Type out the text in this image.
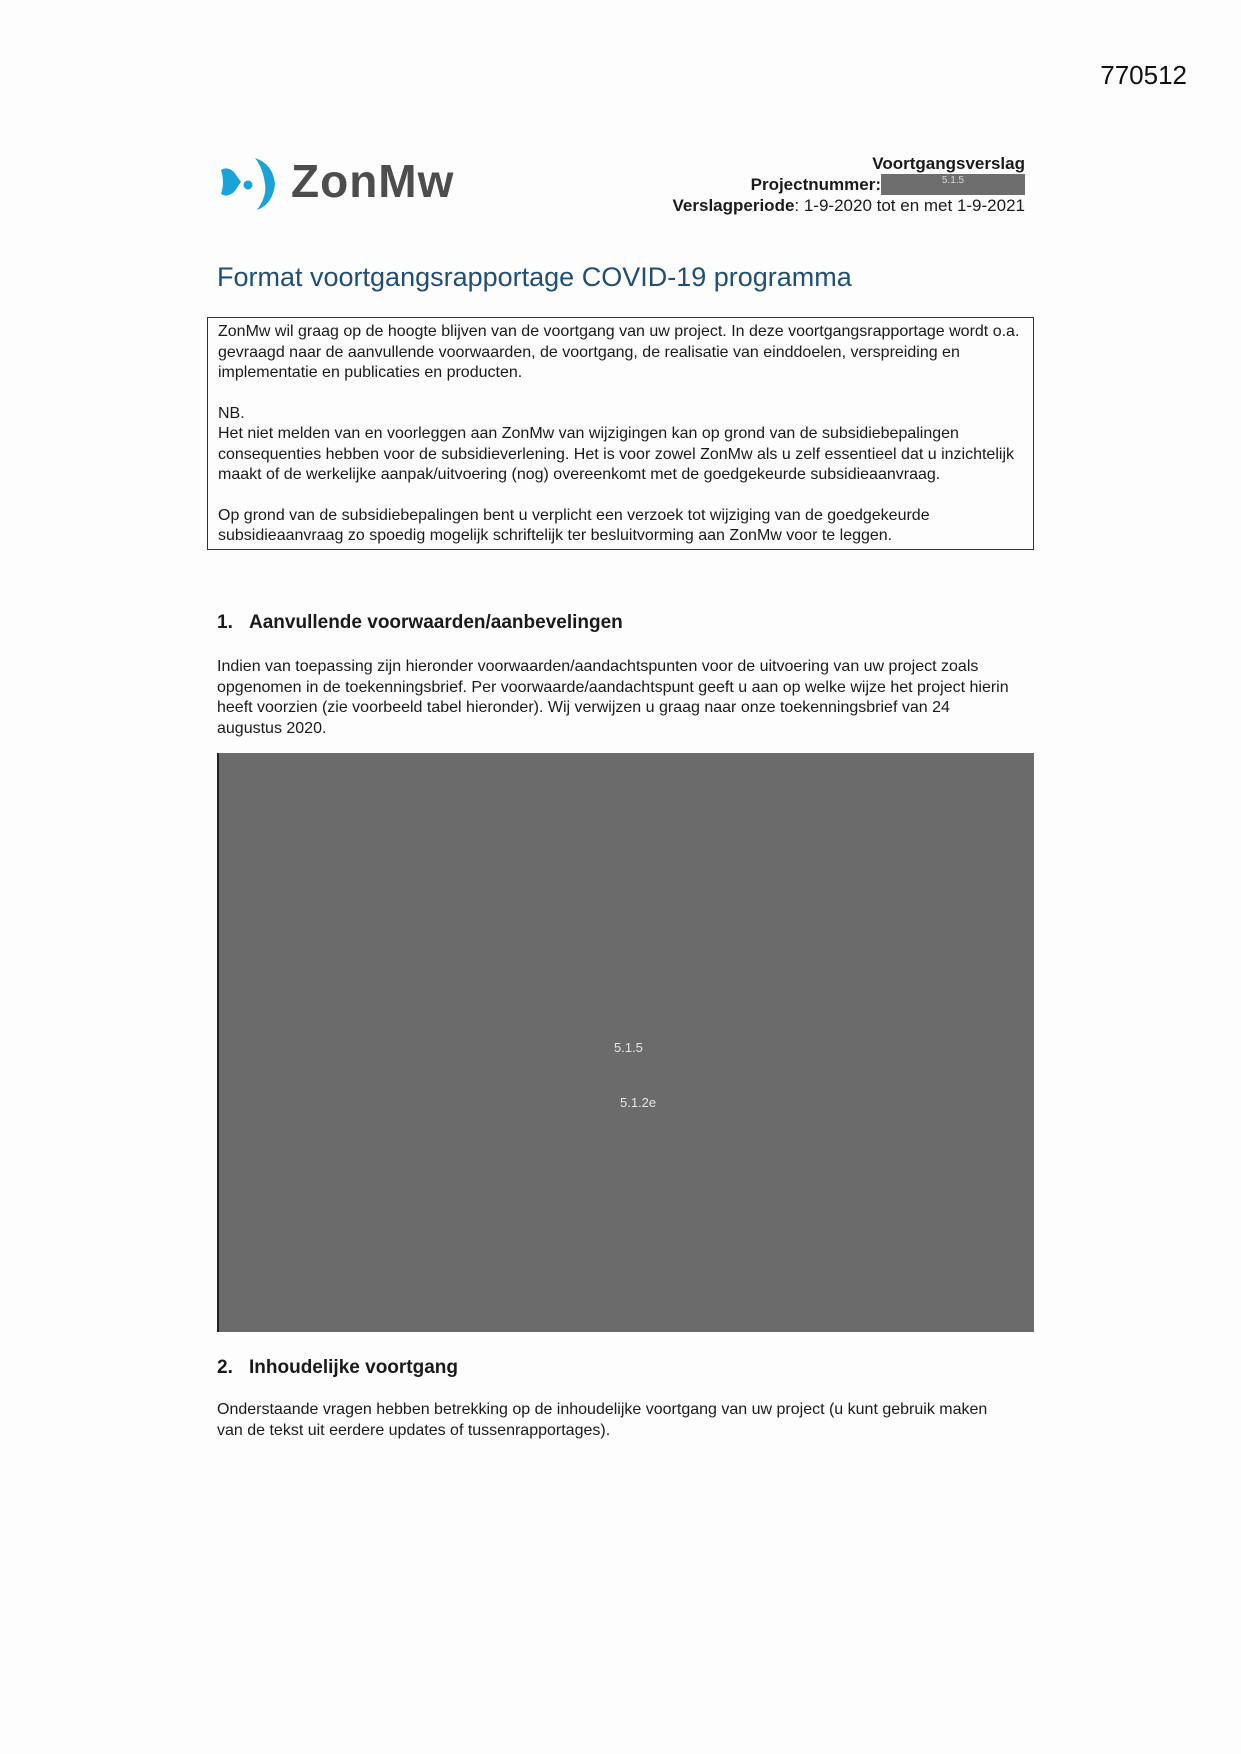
770512
ZonMw	Voortgangsverslag
Projectnummer:	5.1.5
Verslagperiode: 1-9-2020 tot en met 1-9-2021
Format voortgangsrapportage COVID-19 programma

ZonMw wil graag op de hoogte blijven van de voortgang van uw project. In deze voortgangsrapportage wordt o.a. gevraagd naar de aanvullende voorwaarden, de voortgang, de realisatie van einddoelen, verspreiding en implementatie en publicaties en producten.

NB.
Het niet melden van en voorleggen aan ZonMw van wijzigingen kan op grond van de subsidiebepalingen consequenties hebben voor de subsidieverlening. Het is voor zowel ZonMw als u zelf essentieel dat u inzichtelijk maakt of de werkelijke aanpak/uitvoering (nog) overeenkomt met de goedgekeurde subsidieaanvraag.

Op grond van de subsidiebepalingen bent u verplicht een verzoek tot wijziging van de goedgekeurde subsidieaanvraag zo spoedig mogelijk schriftelijk ter besluitvorming aan ZonMw voor te leggen.

1. Aanvullende voorwaarden/aanbevelingen

Indien van toepassing zijn hieronder voorwaarden/aandachtspunten voor de uitvoering van uw project zoals opgenomen in de toekenningsbrief. Per voorwaarde/aandachtspunt geeft u aan op welke wijze het project hierin heeft voorzien (zie voorbeeld tabel hieronder). Wij verwijzen u graag naar onze toekenningsbrief van 24 augustus 2020.

5.1.5
5.1.2e
2. Inhoudelijke voortgang

Onderstaande vragen hebben betrekking op de inhoudelijke voortgang van uw project (u kunt gebruik maken van de tekst uit eerdere updates of tussenrapportages).
